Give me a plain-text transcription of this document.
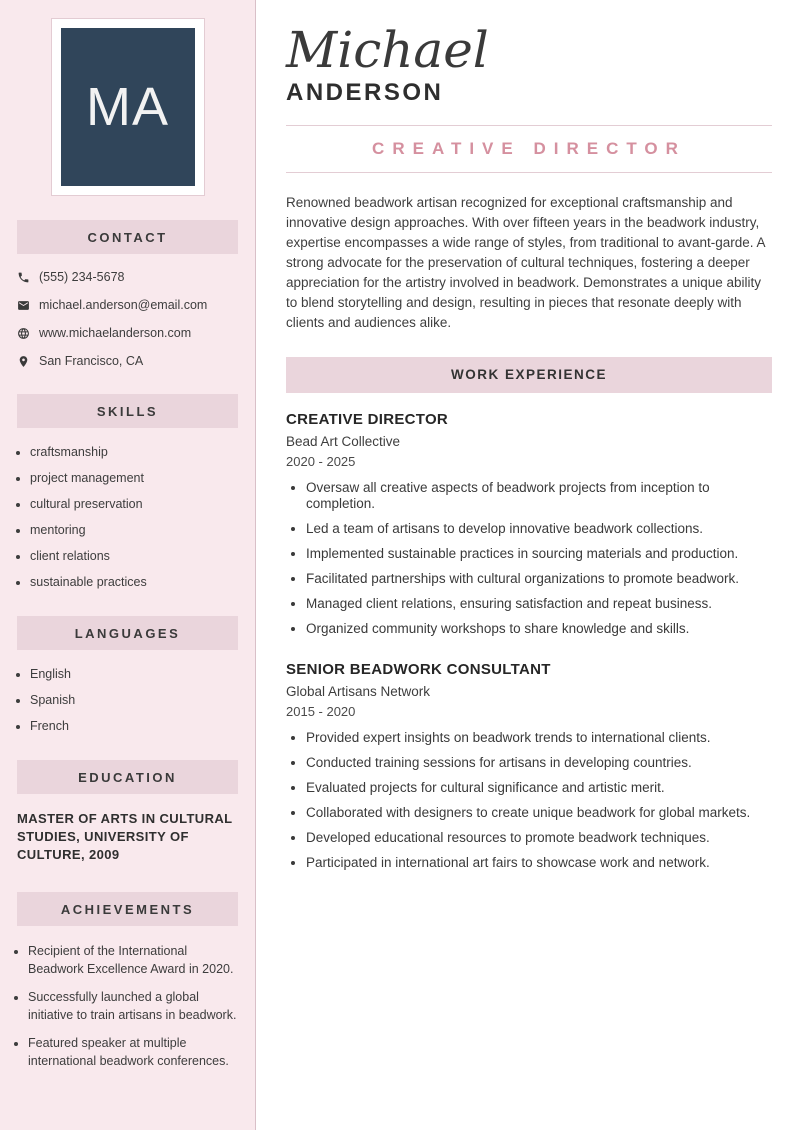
MA
CONTACT
(555) 234-5678
michael.anderson@email.com
www.michaelanderson.com
San Francisco, CA
SKILLS
• craftsmanship
• project management
• cultural preservation
• mentoring
• client relations
• sustainable practices
LANGUAGES
• English
• Spanish
• French
EDUCATION

MASTER OF ARTS IN CULTURAL STUDIES, UNIVERSITY OF CULTURE, 2009

ACHIEVEMENTS
• Recipient of the International Beadwork Excellence Award in 2020.
• Successfully launched a global initiative to train artisans in beadwork.
• Featured speaker at multiple international beadwork conferences.
Michael
ANDERSON
CREATIVE DIRECTOR

Renowned beadwork artisan recognized for exceptional craftsmanship and innovative design approaches. With over fifteen years in the beadwork industry, expertise encompasses a wide range of styles, from traditional to avant-garde. A strong advocate for the preservation of cultural techniques, fostering a deeper appreciation for the artistry involved in beadwork. Demonstrates a unique ability to blend storytelling and design, resulting in pieces that resonate deeply with clients and audiences alike.

WORK EXPERIENCE
CREATIVE DIRECTOR
Bead Art Collective
2020 - 2025
• Oversaw all creative aspects of beadwork projects from inception to completion.
• Led a team of artisans to develop innovative beadwork collections.
• Implemented sustainable practices in sourcing materials and production.
• Facilitated partnerships with cultural organizations to promote beadwork.
• Managed client relations, ensuring satisfaction and repeat business.
• Organized community workshops to share knowledge and skills.
SENIOR BEADWORK CONSULTANT
Global Artisans Network
2015 - 2020
• Provided expert insights on beadwork trends to international clients.
• Conducted training sessions for artisans in developing countries.
• Evaluated projects for cultural significance and artistic merit.
• Collaborated with designers to create unique beadwork for global markets.
• Developed educational resources to promote beadwork techniques.
• Participated in international art fairs to showcase work and network.
